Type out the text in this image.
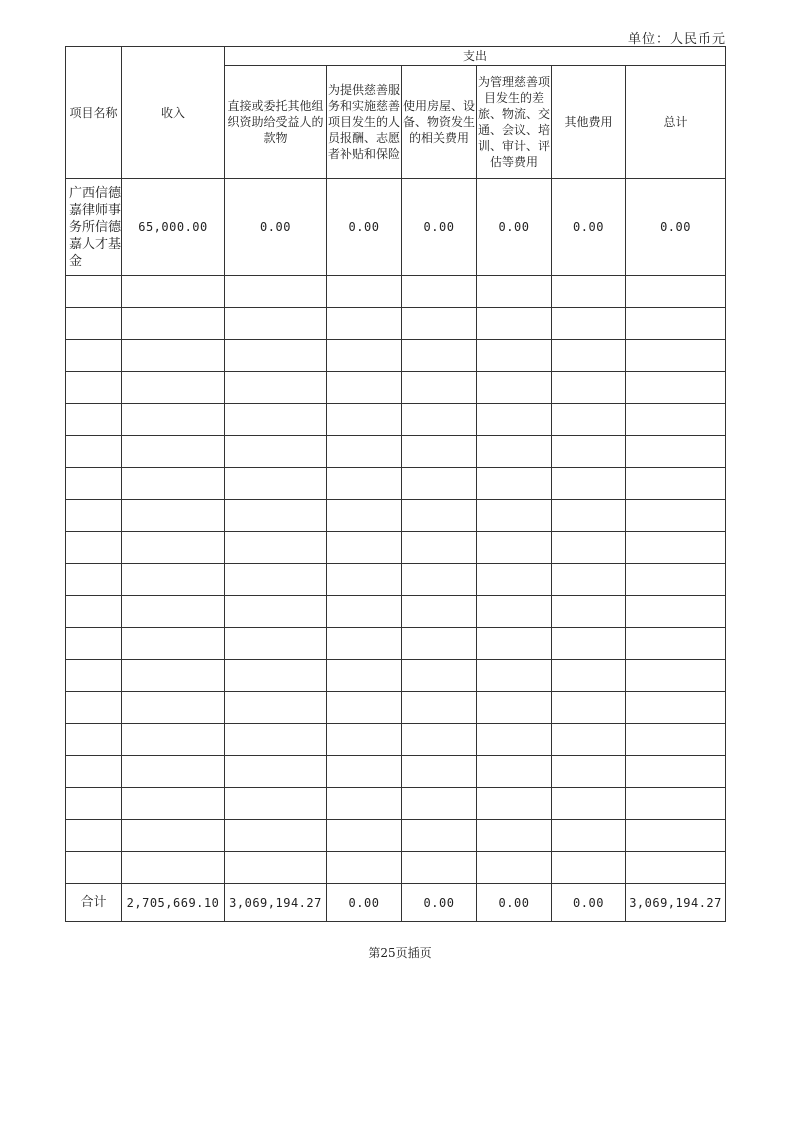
单位：人民币元
项目名称	收入	支出					

		直接或委托其他组织资助给受益人的款物	为提供慈善服务和实施慈善项目发生的人员报酬、志愿者补贴和保险	使用房屋、设备、物资发生的相关费用	为管理慈善项目发生的差旅、物流、交通、会议、培训、审计、评估等费用	其他费用	总计

广西信德嘉律师事务所信德嘉人才基金	65,000.00	0.00	0.00	0.00	0.00	0.00	0.00

合计	2,705,669.10	3,069,194.27	0.00	0.00	0.00	0.00	3,069,194.27
第25页插页
